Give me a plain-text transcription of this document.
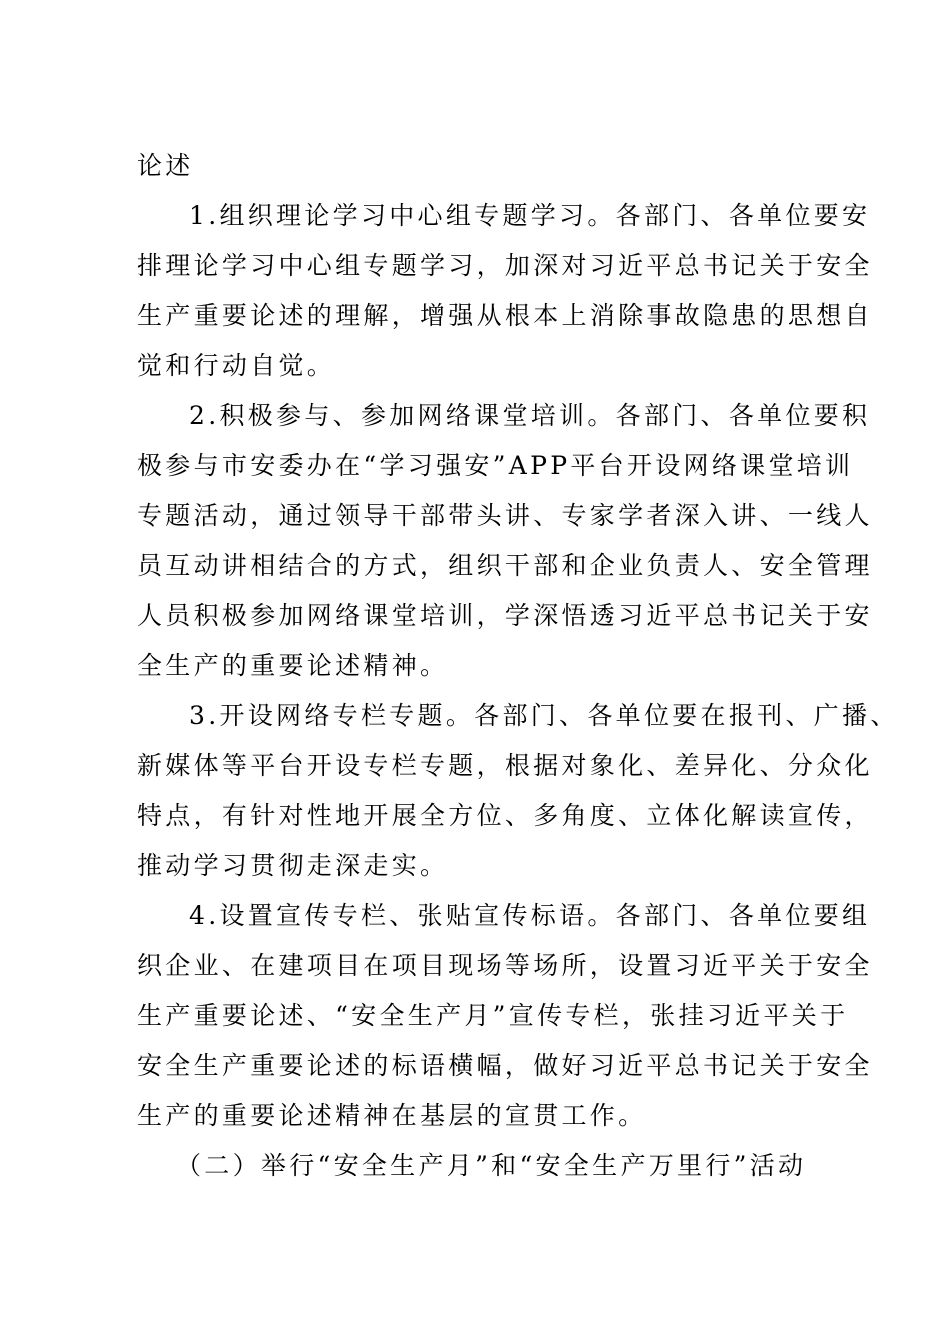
论述
1.组织理论学习中心组专题学习。各部门、各单位要安
排理论学习中心组专题学习，加深对习近平总书记关于安全
生产重要论述的理解，增强从根本上消除事故隐患的思想自
觉和行动自觉。
2.积极参与、参加网络课堂培训。各部门、各单位要积
极参与市安委办在“学习强安”APP平台开设网络课堂培训
专题活动，通过领导干部带头讲、专家学者深入讲、一线人
员互动讲相结合的方式，组织干部和企业负责人、安全管理
人员积极参加网络课堂培训，学深悟透习近平总书记关于安
全生产的重要论述精神。
3.开设网络专栏专题。各部门、各单位要在报刊、广播、
新媒体等平台开设专栏专题，根据对象化、差异化、分众化
特点，有针对性地开展全方位、多角度、立体化解读宣传，
推动学习贯彻走深走实。
4.设置宣传专栏、张贴宣传标语。各部门、各单位要组
织企业、在建项目在项目现场等场所，设置习近平关于安全
生产重要论述、“安全生产月”宣传专栏，张挂习近平关于
安全生产重要论述的标语横幅，做好习近平总书记关于安全
生产的重要论述精神在基层的宣贯工作。
（二）举行“安全生产月”和“安全生产万里行”活动
